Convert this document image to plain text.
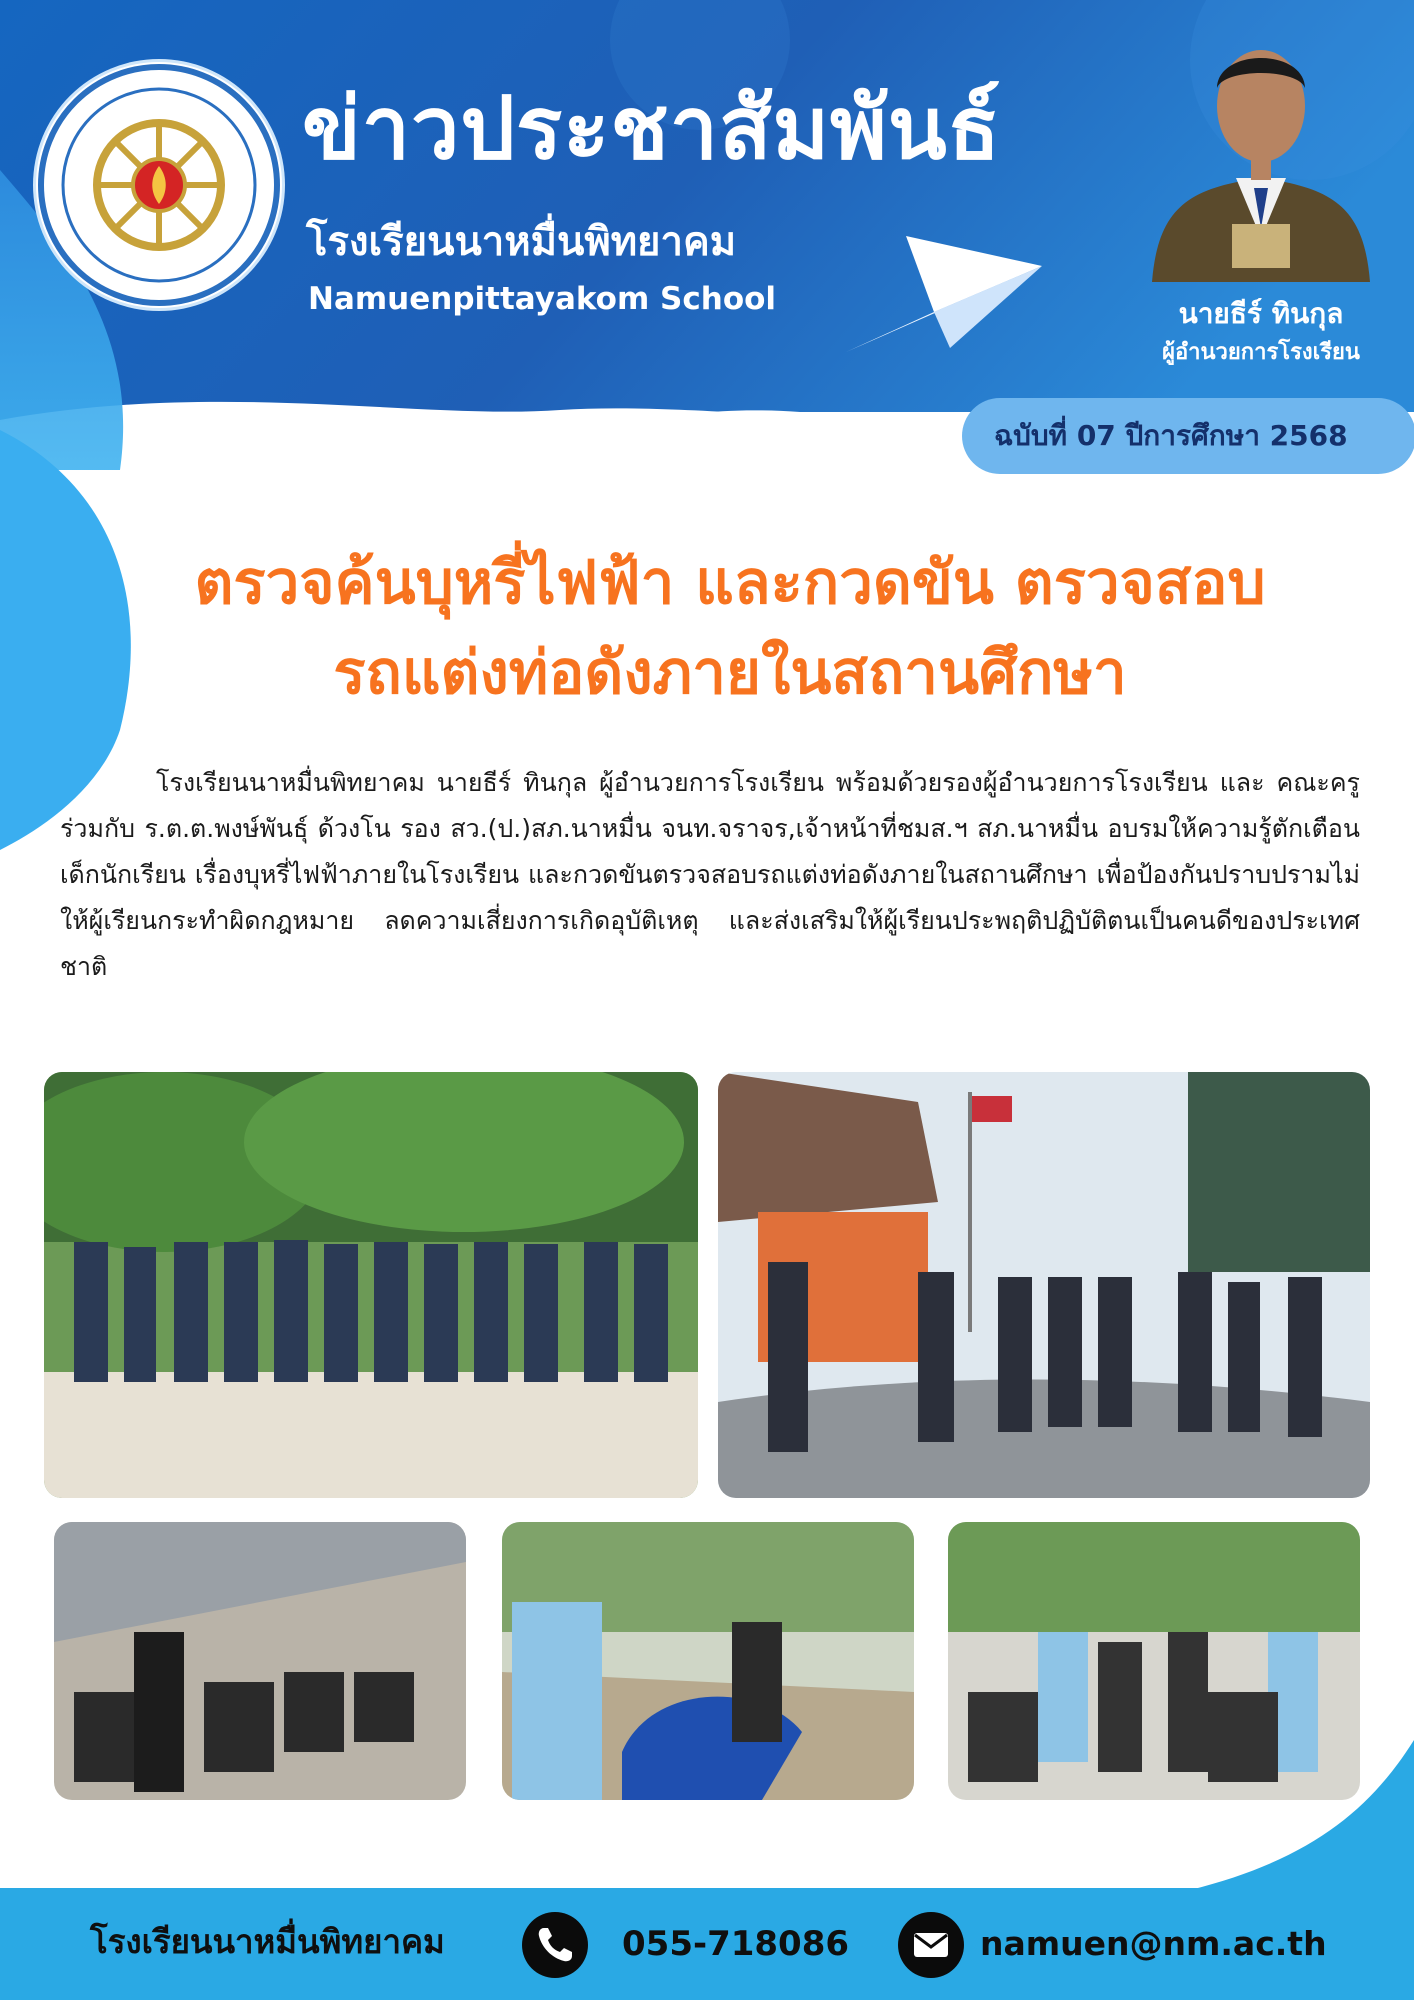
ข่าวประชาสัมพันธ์
โรงเรียนนาหมื่นพิทยาคม
Namuenpittayakom School	นายธีร์ ทินกุล
ผู้อำนวยการโรงเรียน
ฉบับที่ 07 ปีการศึกษา 2568
ตรวจค้นบุหรี่ไฟฟ้า และกวดขัน ตรวจสอบ
รถแต่งท่อดังภายในสถานศึกษา

โรงเรียนนาหมื่นพิทยาคม นายธีร์ ทินกุล ผู้อำนวยการโรงเรียน พร้อมด้วยรองผู้อำนวยการโรงเรียน และ คณะครูร่วมกับ ร.ต.ต.พงษ์พันธุ์ ด้วงโน รอง สว.(ป.)สภ.นาหมื่น จนท.จราจร,เจ้าหน้าที่ชมส.ฯ สภ.นาหมื่น อบรมให้ความรู้ตักเตือนเด็กนักเรียน เรื่องบุหรี่ไฟฟ้าภายในโรงเรียน และกวดขันตรวจสอบรถแต่งท่อดังภายในสถานศึกษา เพื่อป้องกันปราบปรามไม่ให้ผู้เรียนกระทำผิดกฎหมาย ลดความเสี่ยงการเกิดอุบัติเหตุ และส่งเสริมให้ผู้เรียนประพฤติปฏิบัติตนเป็นคนดีของประเทศชาติ

โรงเรียนนาหมื่นพิทยาคม	055-718086	namuen@nm.ac.th
